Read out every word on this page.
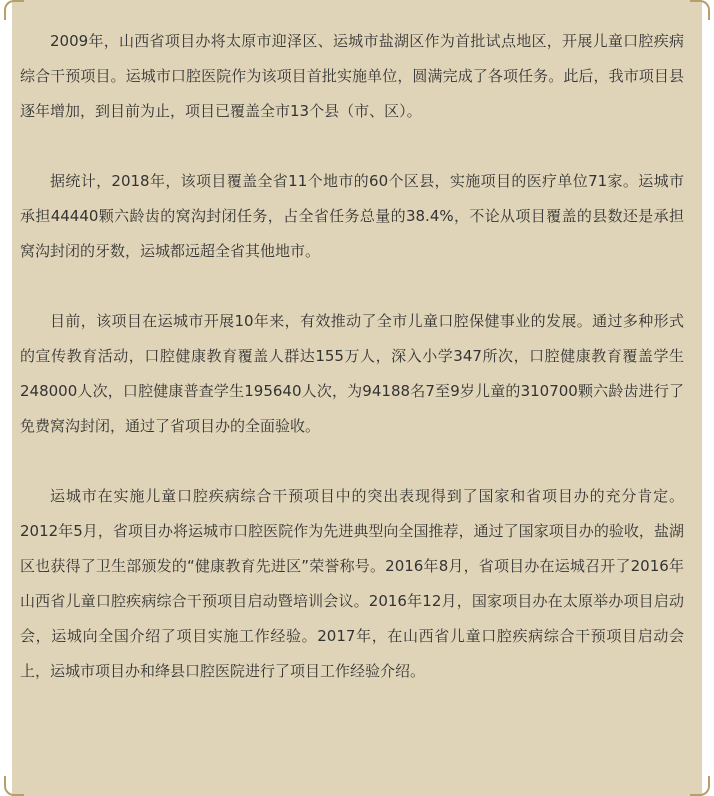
2009年，山西省项目办将太原市迎泽区、运城市盐湖区作为首批试点地区，开展儿童口腔疾病综合干预项目。运城市口腔医院作为该项目首批实施单位，圆满完成了各项任务。此后，我市项目县逐年增加，到目前为止，项目已覆盖全市13个县（市、区）。

据统计，2018年，该项目覆盖全省11个地市的60个区县，实施项目的医疗单位71家。运城市承担44440颗六龄齿的窝沟封闭任务，占全省任务总量的38.4%，不论从项目覆盖的县数还是承担窝沟封闭的牙数，运城都远超全省其他地市。

目前，该项目在运城市开展10年来，有效推动了全市儿童口腔保健事业的发展。通过多种形式的宣传教育活动，口腔健康教育覆盖人群达155万人，深入小学347所次，口腔健康教育覆盖学生248000人次，口腔健康普查学生195640人次，为94188名7至9岁儿童的310700颗六龄齿进行了免费窝沟封闭，通过了省项目办的全面验收。

运城市在实施儿童口腔疾病综合干预项目中的突出表现得到了国家和省项目办的充分肯定。2012年5月，省项目办将运城市口腔医院作为先进典型向全国推荐，通过了国家项目办的验收，盐湖区也获得了卫生部颁发的“健康教育先进区”荣誉称号。2016年8月，省项目办在运城召开了2016年山西省儿童口腔疾病综合干预项目启动暨培训会议。2016年12月，国家项目办在太原举办项目启动会，运城向全国介绍了项目实施工作经验。2017年，在山西省儿童口腔疾病综合干预项目启动会上，运城市项目办和绛县口腔医院进行了项目工作经验介绍。
